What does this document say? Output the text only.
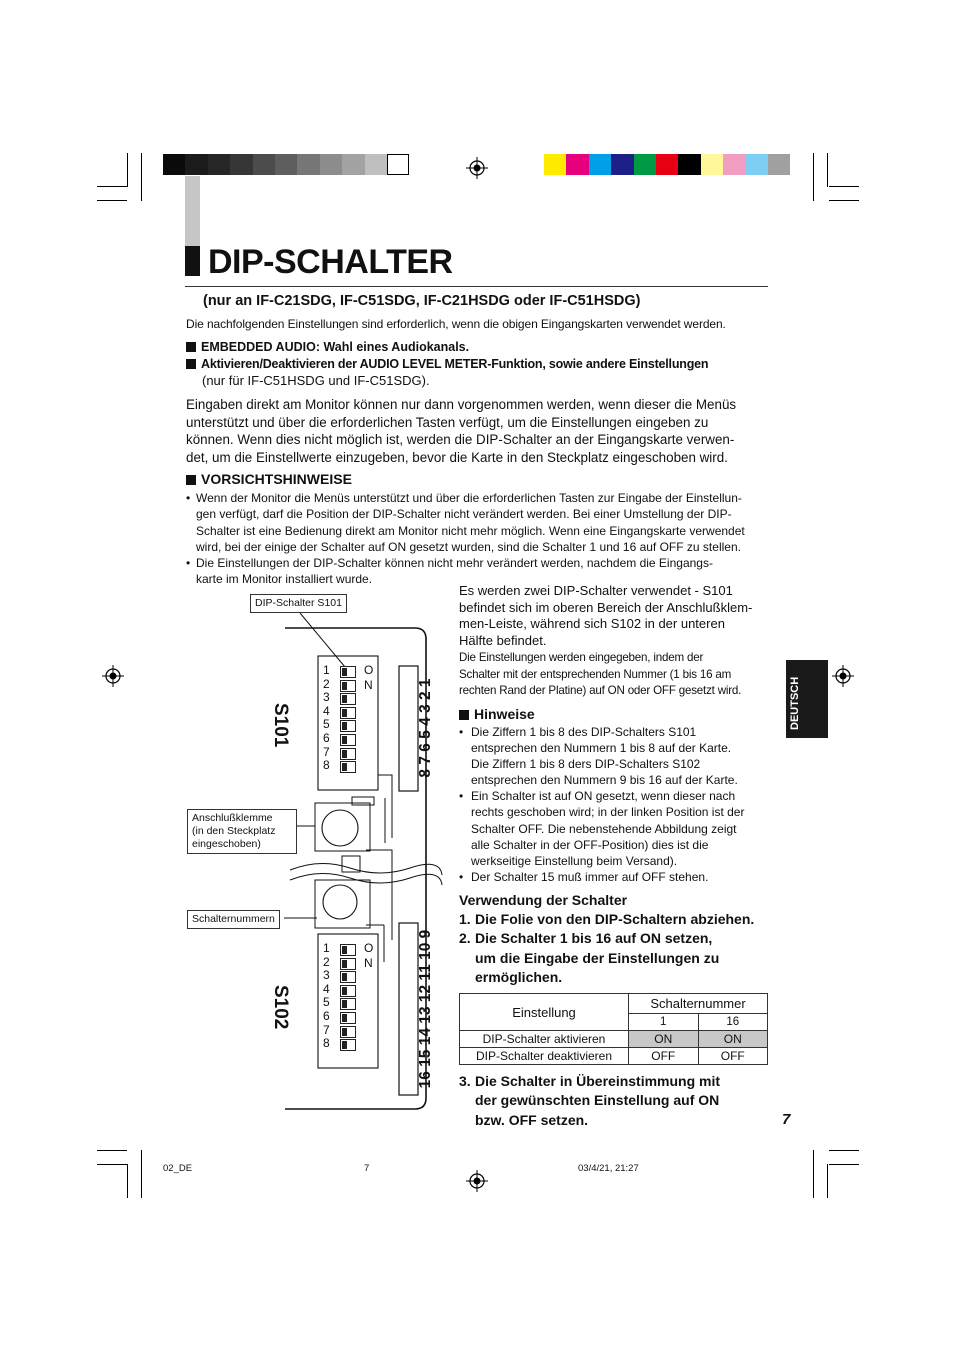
DIP-SCHALTER
(nur an IF-C21SDG, IF-C51SDG, IF-C21HSDG oder IF-C51HSDG)
Die nachfolgenden Einstellungen sind erforderlich, wenn die obigen Eingangskarten verwendet werden.
EMBEDDED AUDIO: Wahl eines Audiokanals.
Aktivieren/Deaktivieren der AUDIO LEVEL METER-Funktion, sowie andere Einstellungen
(nur für IF-C51HSDG und IF-C51SDG).
Eingaben direkt am Monitor können nur dann vorgenommen werden, wenn dieser die Menüs
unterstützt und über die erforderlichen Tasten verfügt, um die Einstellungen eingeben zu
können. Wenn dies nicht möglich ist, werden die DIP-Schalter an der Eingangskarte verwen-
det, um die Einstellwerte einzugeben, bevor die Karte in den Steckplatz eingeschoben wird.
VORSICHTSHINWEISE
• Wenn der Monitor die Menüs unterstützt und über die erforderlichen Tasten zur Eingabe der Einstellun-
gen verfügt, darf die Position der DIP-Schalter nicht verändert werden. Bei einer Umstellung der DIP-
Schalter ist eine Bedienung direkt am Monitor nicht mehr möglich. Wenn eine Eingangskarte verwendet
wird, bei der einige der Schalter auf ON gesetzt wurden, sind die Schalter 1 und 16 auf OFF zu stellen.
• Die Einstellungen der DIP-Schalter können nicht mehr verändert werden, nachdem die Eingangs-
karte im Monitor installiert wurde.
DIP-Schalter S101
Anschlußklemme
(in den Steckplatz
eingeschoben)
Schalternummern
1
2
3
4
5
6
7
8
O
N
1
2
3
4
5
6
7
8
O
N
S101
S102
8 7 6 5 4 3 2 1
16 15 14 13 12 11 10 9
Es werden zwei DIP-Schalter verwendet - S101
befindet sich im oberen Bereich der Anschlußklem-
men-Leiste, während sich S102 in der unteren
Hälfte befindet.
Die Einstellungen werden eingegeben, indem der
Schalter mit der entsprechenden Nummer (1 bis 16 am
rechten Rand der Platine) auf ON oder OFF gesetzt wird.
Hinweise
• Die Ziffern 1 bis 8 des DIP-Schalters S101
entsprechen den Nummern 1 bis 8 auf der Karte.
Die Ziffern 1 bis 8 ders DIP-Schalters S102
entsprechen den Nummern 9 bis 16 auf der Karte.
• Ein Schalter ist auf ON gesetzt, wenn dieser nach
rechts geschoben wird; in der linken Position ist der
Schalter OFF. Die nebenstehende Abbildung zeigt
alle Schalter in der OFF-Position) dies ist die
werkseitige Einstellung beim Versand).
• Der Schalter 15 muß immer auf OFF stehen.
Verwendung der Schalter
1. Die Folie von den DIP-Schaltern abziehen.
2. Die Schalter 1 bis 16 auf ON setzen,
um die Eingabe der Einstellungen zu
ermöglichen.
Einstellung	Schalternummer	
	1	16
DIP-Schalter aktivieren	ON	ON
DIP-Schalter deaktivieren	OFF	OFF
3. Die Schalter in Übereinstimmung mit
der gewünschten Einstellung auf ON
bzw. OFF setzen.	7
DEUTSCH
02_DE	7	03/4/21, 21:27
